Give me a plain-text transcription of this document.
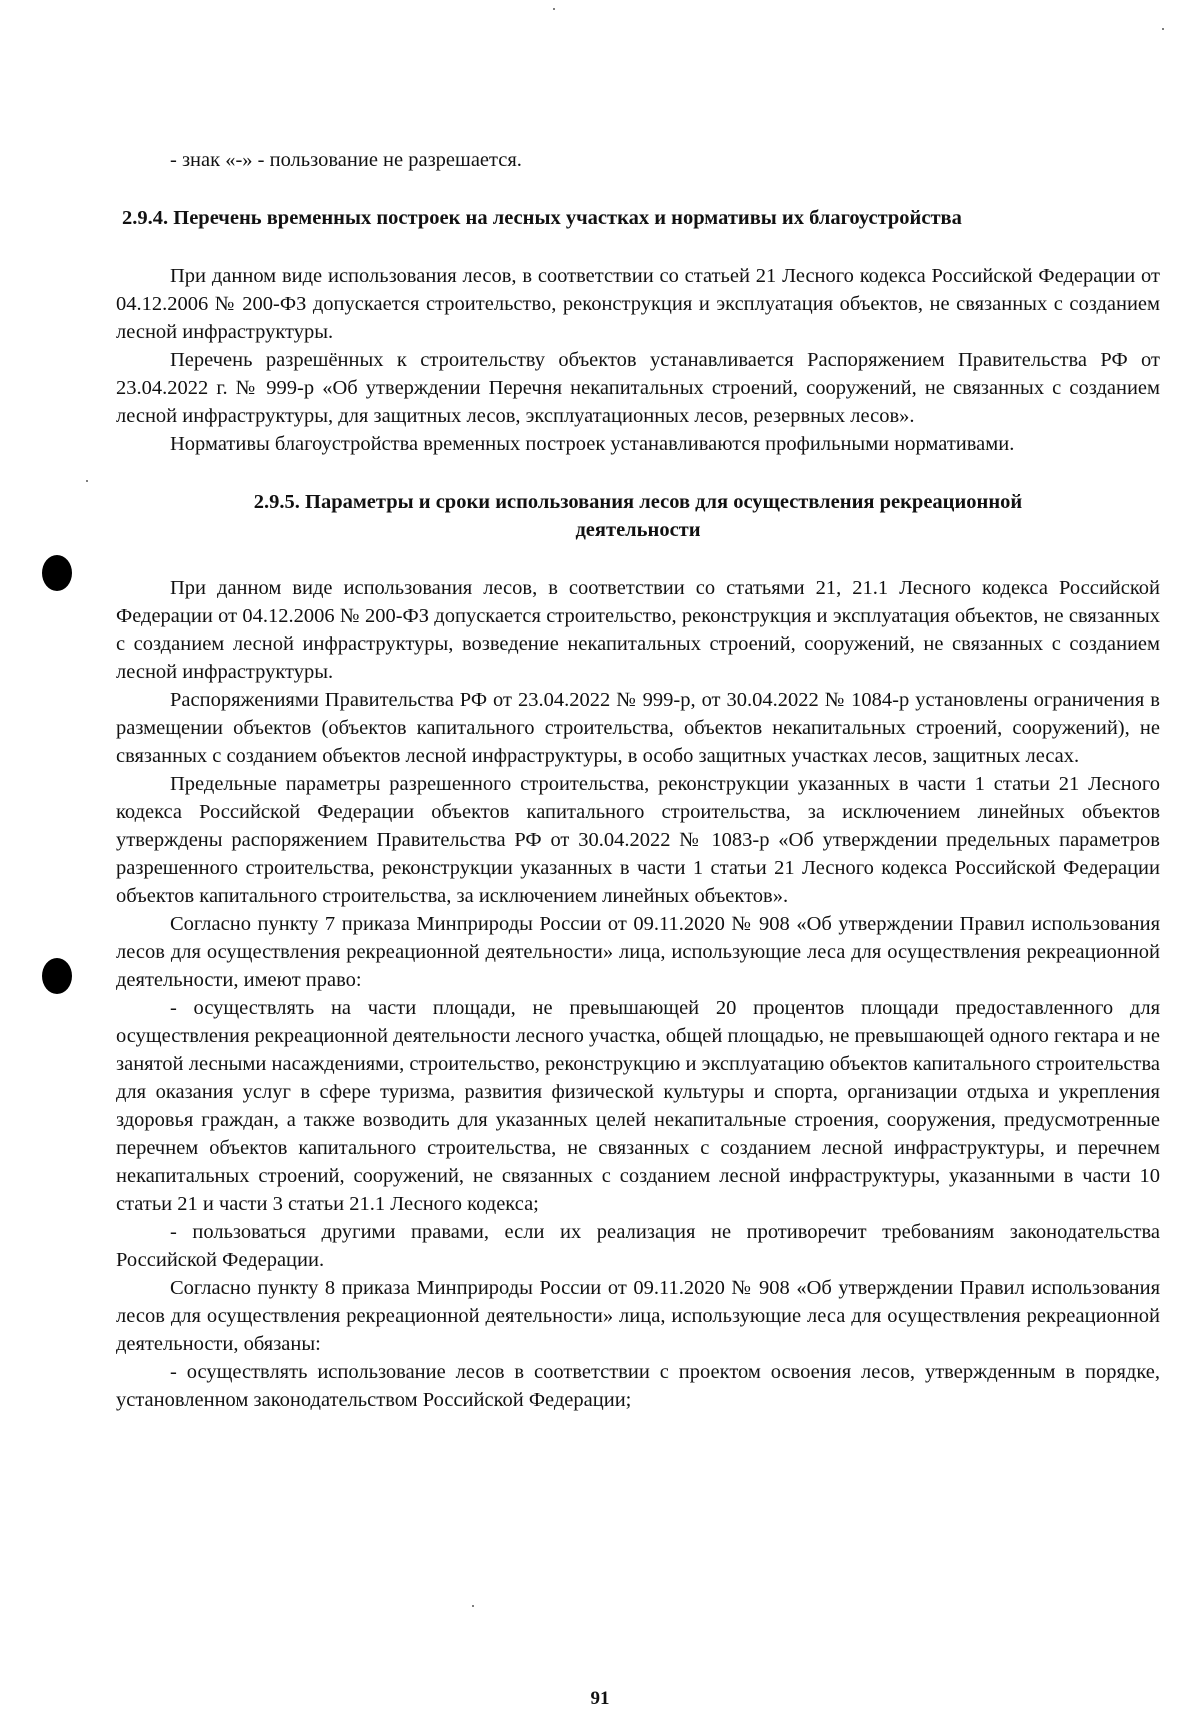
- знак «-» - пользование не разрешается.

2.9.4. Перечень временных построек на лесных участках и нормативы их благоустройства

При данном виде использования лесов, в соответствии со статьей 21 Лесного кодекса Российской Федерации от 04.12.2006 № 200-ФЗ допускается строительство, реконструкция и эксплуатация объектов, не связанных с созданием лесной инфраструктуры.

Перечень разрешённых к строительству объектов устанавливается Распоряжением Правительства РФ от 23.04.2022 г. № 999-р «Об утверждении Перечня некапитальных строений, сооружений, не связанных с созданием лесной инфраструктуры, для защитных лесов, эксплуатационных лесов, резервных лесов».

Нормативы благоустройства временных построек устанавливаются профильными нормативами.

2.9.5. Параметры и сроки использования лесов для осуществления рекреационной
деятельности

При данном виде использования лесов, в соответствии со статьями 21, 21.1 Лесного кодекса Российской Федерации от 04.12.2006 № 200-ФЗ допускается строительство, реконструкция и эксплуатация объектов, не связанных с созданием лесной инфраструктуры, возведение некапитальных строений, сооружений, не связанных с созданием лесной инфраструктуры.

Распоряжениями Правительства РФ от 23.04.2022 № 999-р, от 30.04.2022 № 1084-р установлены ограничения в размещении объектов (объектов капитального строительства, объектов некапитальных строений, сооружений), не связанных с созданием объектов лесной инфраструктуры, в особо защитных участках лесов, защитных лесах.

Предельные параметры разрешенного строительства, реконструкции указанных в части 1 статьи 21 Лесного кодекса Российской Федерации объектов капитального строительства, за исключением линейных объектов утверждены распоряжением Правительства РФ от 30.04.2022 № 1083-р «Об утверждении предельных параметров разрешенного строительства, реконструкции указанных в части 1 статьи 21 Лесного кодекса Российской Федерации объектов капитального строительства, за исключением линейных объектов».

Согласно пункту 7 приказа Минприроды России от 09.11.2020 № 908 «Об утверждении Правил использования лесов для осуществления рекреационной деятельности» лица, использующие леса для осуществления рекреационной деятельности, имеют право:

- осуществлять на части площади, не превышающей 20 процентов площади предоставленного для осуществления рекреационной деятельности лесного участка, общей площадью, не превышающей одного гектара и не занятой лесными насаждениями, строительство, реконструкцию и эксплуатацию объектов капитального строительства для оказания услуг в сфере туризма, развития физической культуры и спорта, организации отдыха и укрепления здоровья граждан, а также возводить для указанных целей некапитальные строения, сооружения, предусмотренные перечнем объектов капитального строительства, не связанных с созданием лесной инфраструктуры, и перечнем некапитальных строений, сооружений, не связанных с созданием лесной инфраструктуры, указанными в части 10 статьи 21 и части 3 статьи 21.1 Лесного кодекса;

- пользоваться другими правами, если их реализация не противоречит требованиям законодательства Российской Федерации.

Согласно пункту 8 приказа Минприроды России от 09.11.2020 № 908 «Об утверждении Правил использования лесов для осуществления рекреационной деятельности» лица, использующие леса для осуществления рекреационной деятельности, обязаны:

- осуществлять использование лесов в соответствии с проектом освоения лесов, утвержденным в порядке, установленном законодательством Российской Федерации;

91
